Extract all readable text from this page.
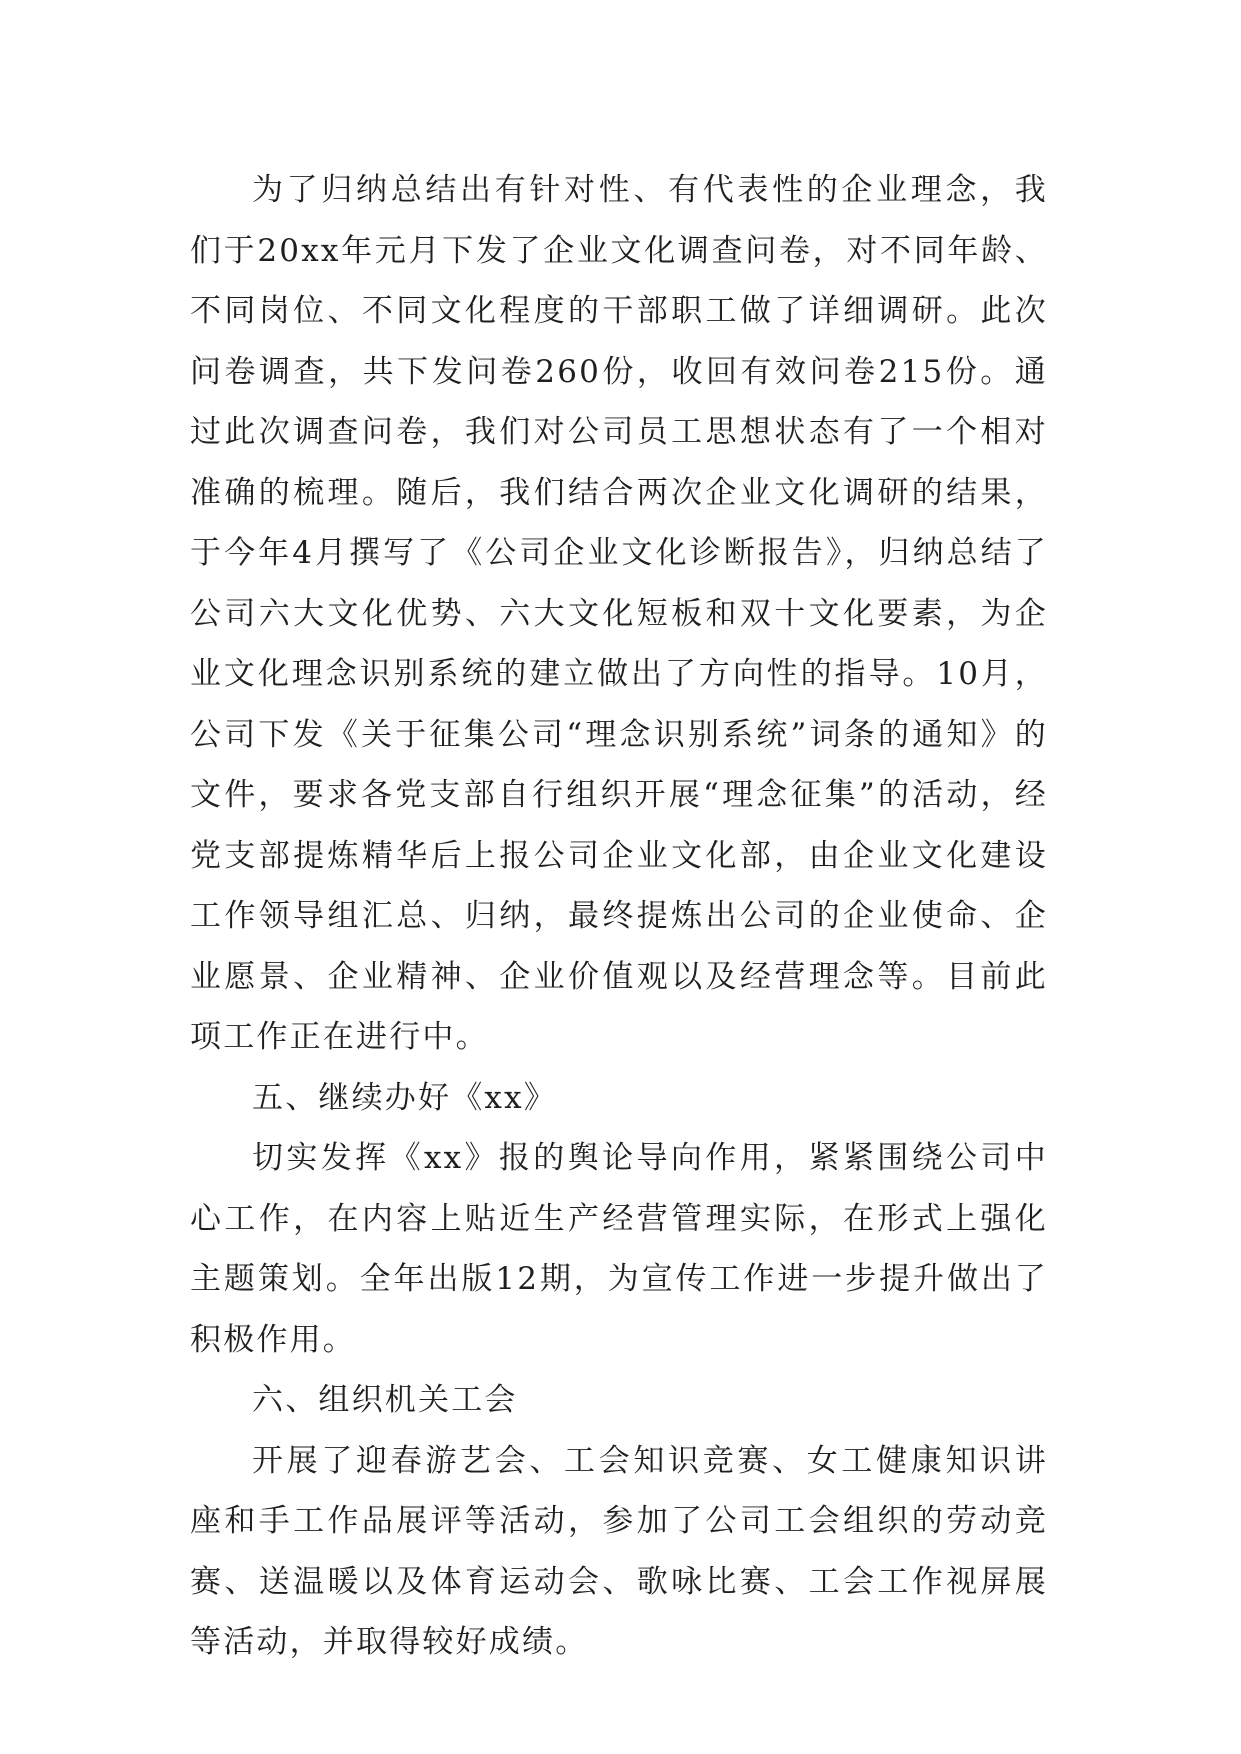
为了归纳总结出有针对性、有代表性的企业理念，我们于20xx年元月下发了企业文化调查问卷，对不同年龄、不同岗位、不同文化程度的干部职工做了详细调研。此次问卷调查，共下发问卷260份，收回有效问卷215份。通过此次调查问卷，我们对公司员工思想状态有了一个相对准确的梳理。随后，我们结合两次企业文化调研的结果，于今年4月撰写了《公司企业文化诊断报告》，归纳总结了公司六大文化优势、六大文化短板和双十文化要素，为企业文化理念识别系统的建立做出了方向性的指导。10月，公司下发《关于征集公司“理念识别系统”词条的通知》的文件，要求各党支部自行组织开展“理念征集”的活动，经党支部提炼精华后上报公司企业文化部，由企业文化建设工作领导组汇总、归纳，最终提炼出公司的企业使命、企业愿景、企业精神、企业价值观以及经营理念等。目前此项工作正在进行中。

五、继续办好《xx》

切实发挥《xx》报的舆论导向作用，紧紧围绕公司中心工作，在内容上贴近生产经营管理实际，在形式上强化主题策划。全年出版12期，为宣传工作进一步提升做出了积极作用。

六、组织机关工会

开展了迎春游艺会、工会知识竞赛、女工健康知识讲座和手工作品展评等活动，参加了公司工会组织的劳动竞赛、送温暖以及体育运动会、歌咏比赛、工会工作视屏展等活动，并取得较好成绩。
